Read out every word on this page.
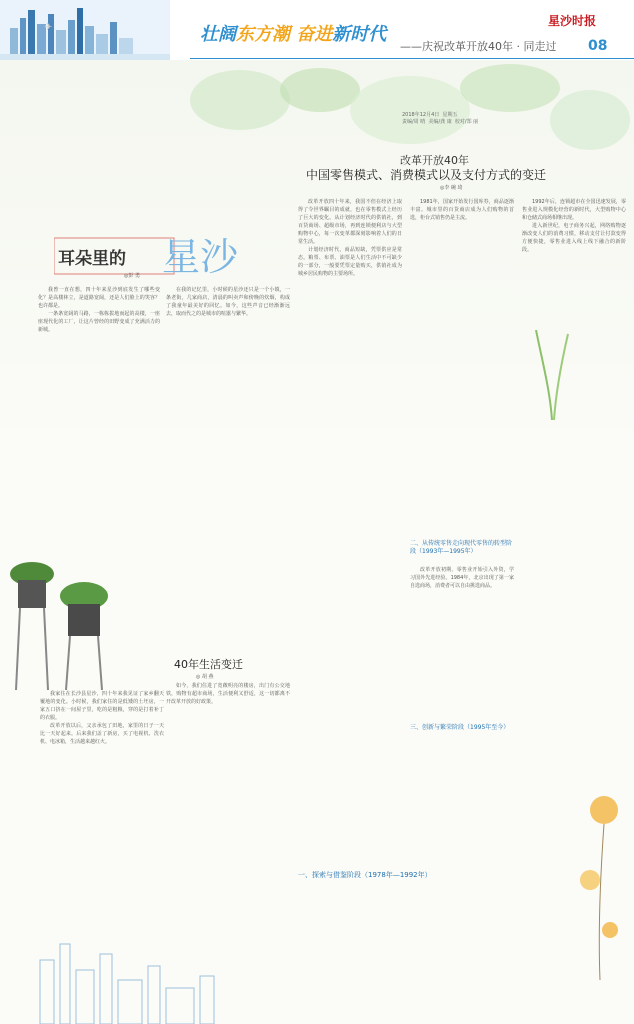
✈	壮阔东方潮 奋进新时代
——庆祝改革开放40年 · 同走过
星沙时报
08
2018年12月4日  星期五
责编/周 晴  美编/龚 康  校对/郑 丽
改革开放40年
中国零售模式、消费模式以及支付方式的变迁
◎李 碗 琦
改革开放四十年来，我国不但在经济上取得了令世界瞩目的成就，也在零售模式上经历了巨大的变化。从计划经济时代的供销社，到百货商场、超级市场，再到连锁便利店与大型购物中心，每一次变革都深刻影响着人们的日常生活。
计划经济时代，商品短缺，凭票供应是常态。粮票、布票、油票是人们生活中不可缺少的一部分，一般要凭票定量购买，供销社成为城乡居民购物的主要场所。
1981年，国家开始发行国库券，商品逐渐丰富。城市里的百货商店成为人们购物的首选，柜台式销售仍是主流。
一、探索与借鉴阶段（1978年—1992年）
二、从传统零售走向现代零售的转型阶段（1993年—1995年）
改革开放初期，零售业开始引入外资，学习国外先进经验。1984年，北京出现了第一家自选商场，消费者可以自由挑选商品。
三、创新与繁荣阶段（1995年至今）
1992年后，连锁超市在全国迅速发展，零售业进入规模化经营的新时代，大型购物中心和仓储式商场相继出现。
进入新世纪，电子商务兴起，网络购物逐渐改变人们的消费习惯，移动支付让付款变得方便快捷，零售业进入线上线下融合的新阶段。
耳朵里的 星沙
◎彭 勇
我曾一直在想，四十年来星沙到底发生了哪些变化？是高楼林立，是道路宽阔，还是人们脸上的笑容？也许都是。
一条条宽阔的马路，一栋栋拔地而起的高楼，一座座现代化的工厂，让这片曾经的田野变成了充满活力的新城。
在我的记忆里，小时候的星沙还只是一个小镇，一条老街，几家商店，清晨的叫卖声和傍晚的炊烟，构成了我童年最美好的回忆。如今，这些声音已经渐渐远去，取而代之的是城市的喧嚣与繁华。
40年生活变迁
◎ 胡 燕
我家住在长沙县星沙，四十年来我见证了家乡翻天覆地的变化。小时候，我们家住的是低矮的土坯房，一家五口挤在一间屋子里，吃的是粗粮，穿的是打着补丁的衣服。
改革开放以后，父亲承包了田地，家里的日子一天比一天好起来。后来我们盖了新房，买了电视机、洗衣机、电冰箱，生活越来越红火。
如今，我们住进了宽敞明亮的楼房，出门有公交地铁，购物有超市商场，生活便利又舒适，这一切都离不开改革开放的好政策。
